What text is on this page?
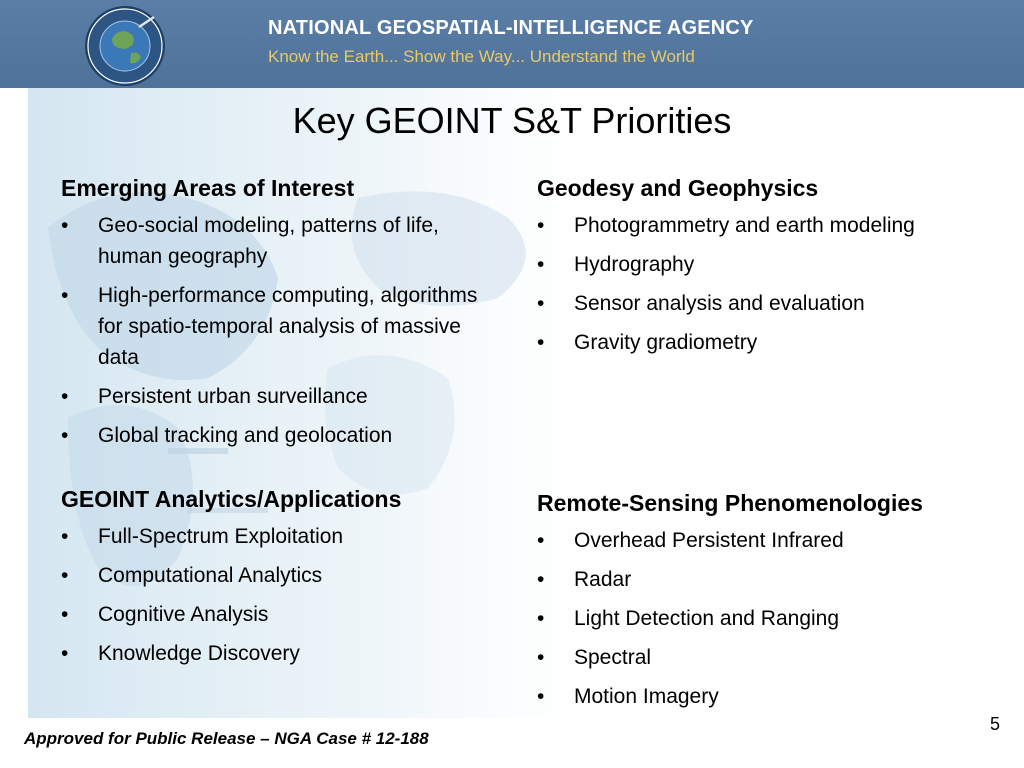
NATIONAL GEOSPATIAL-INTELLIGENCE AGENCY
Know the Earth... Show the Way... Understand the World
Key GEOINT S&T Priorities
Emerging Areas of Interest
• Geo-social modeling, patterns of life, human geography
• High-performance computing, algorithms for spatio-temporal analysis of massive data
• Persistent urban surveillance
• Global tracking and geolocation
Geodesy and Geophysics
• Photogrammetry and earth modeling
• Hydrography
• Sensor analysis and evaluation
• Gravity gradiometry
GEOINT Analytics/Applications
• Full-Spectrum Exploitation
• Computational Analytics
• Cognitive Analysis
• Knowledge Discovery
Remote-Sensing Phenomenologies
• Overhead Persistent Infrared
• Radar
• Light Detection and Ranging
• Spectral
• Motion Imagery
Approved for Public Release – NGA Case # 12-188
5
